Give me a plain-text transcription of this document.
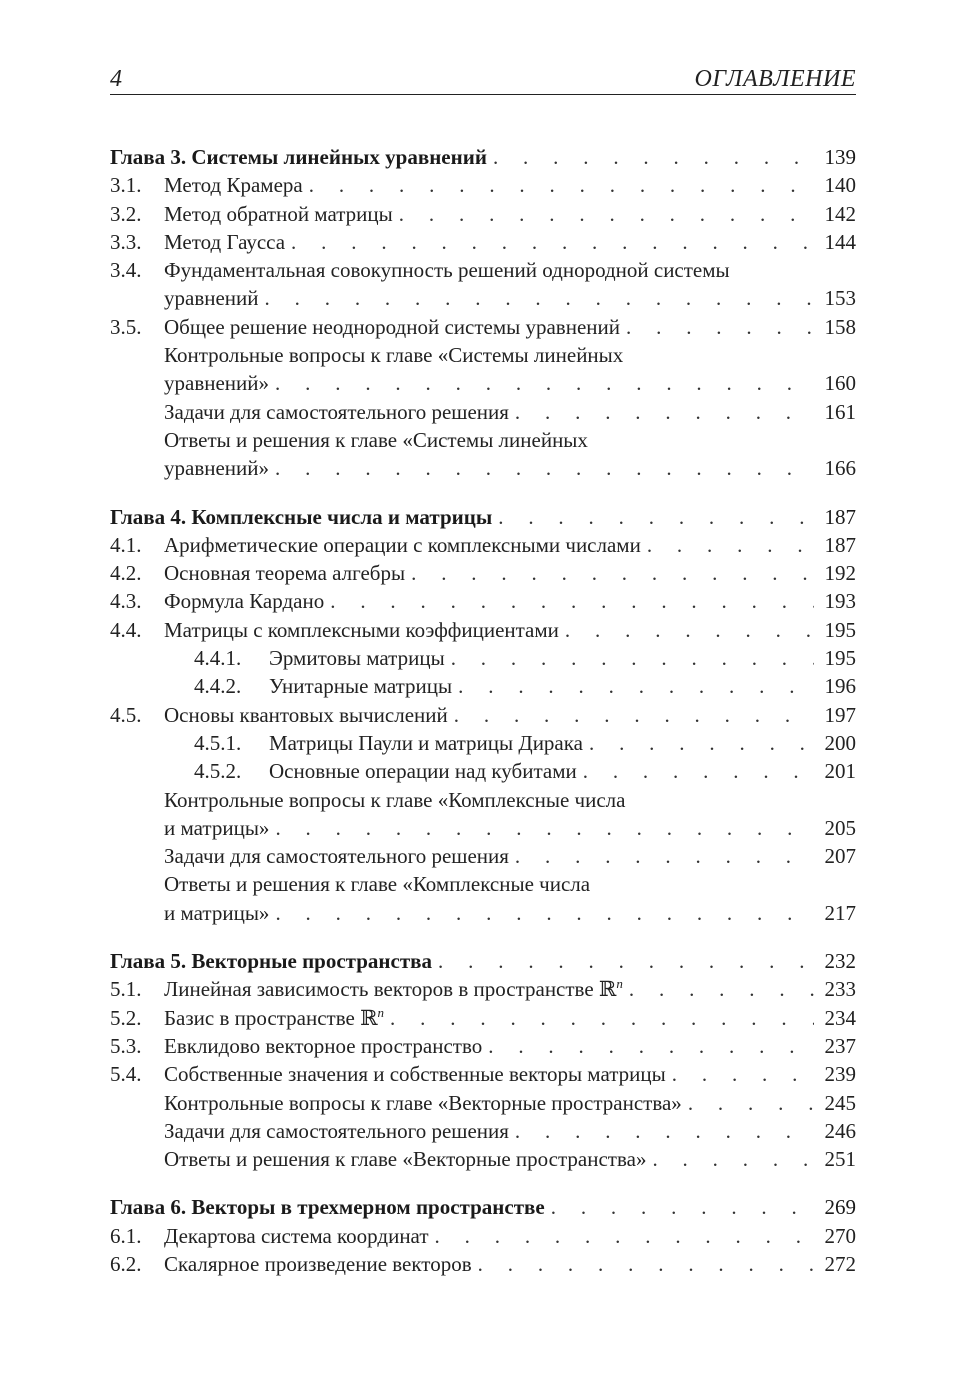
4	ОГЛАВЛЕНИЕ
Глава 3. Системы линейных уравнений . . .	139
3.1.	Метод Крамера . . .	140
3.2.	Метод обратной матрицы . . .	142
3.3.	Метод Гаусса . . .	144
3.4.	Фундаментальная совокупность решений однородной системы
уравнений . . .	153
3.5.	Общее решение неоднородной системы уравнений . . .	158
Контрольные вопросы к главе «Системы линейных
уравнений» . . .	160
Задачи для самостоятельного решения . . .	161
Ответы и решения к главе «Системы линейных
уравнений» . . .	166
Глава 4. Комплексные числа и матрицы . . .	187
4.1.	Арифметические операции с комплексными числами . . .	187
4.2.	Основная теорема алгебры . . .	192
4.3.	Формула Кардано . . .	193
4.4.	Матрицы с комплексными коэффициентами . . .	195
4.4.1.	Эрмитовы матрицы . . .	195
4.4.2.	Унитарные матрицы . . .	196
4.5.	Основы квантовых вычислений . . .	197
4.5.1.	Матрицы Паули и матрицы Дирака . . .	200
4.5.2.	Основные операции над кубитами . . .	201
Контрольные вопросы к главе «Комплексные числа
и матрицы» . . .	205
Задачи для самостоятельного решения . . .	207
Ответы и решения к главе «Комплексные числа
и матрицы» . . .	217
Глава 5. Векторные пространства . . .	232
5.1.	Линейная зависимость векторов в пространстве ℝ$^n$ . . .	233
5.2.	Базис в пространстве ℝ$^n$ . . .	234
5.3.	Евклидово векторное пространство . . .	237
5.4.	Собственные значения и собственные векторы матрицы . . .	239
Контрольные вопросы к главе «Векторные пространства» . . .	245
Задачи для самостоятельного решения . . .	246
Ответы и решения к главе «Векторные пространства» . . .	251
Глава 6. Векторы в трехмерном пространстве . . .	269
6.1.	Декартова система координат . . .	270
6.2.	Скалярное произведение векторов . . .	272
